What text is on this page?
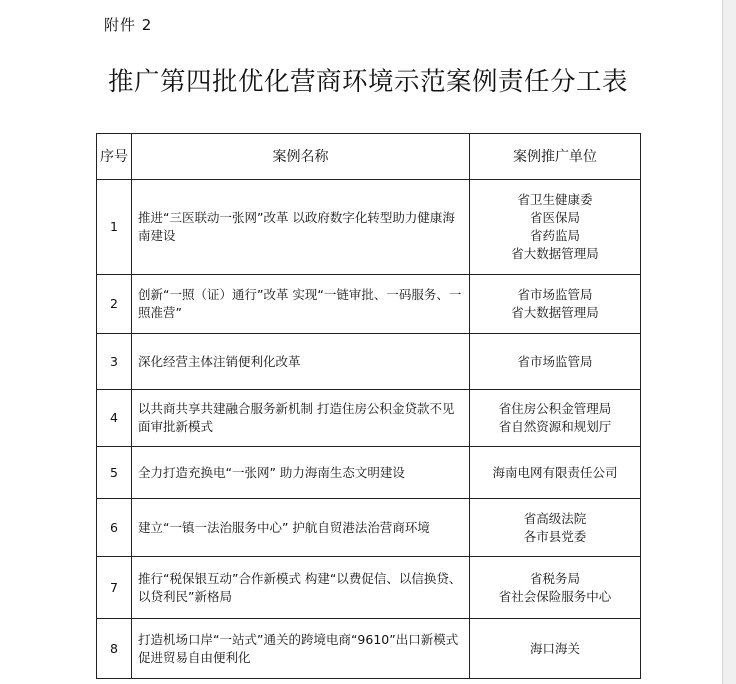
附件 2
推广第四批优化营商环境示范案例责任分工表
序号	案例名称	案例推广单位
1	推进“三医联动一张网”改革 以政府数字化转型助力健康海南建设	省卫生健康委
省医保局
省药监局
省大数据管理局

2	创新“一照（证）通行”改革 实现“一链审批、一码服务、一照准营”	省市场监管局
省大数据管理局

3	深化经营主体注销便利化改革	省市场监管局

4	以共商共享共建融合服务新机制 打造住房公积金贷款不见面审批新模式	省住房公积金管理局
省自然资源和规划厅

5	全力打造充换电“一张网” 助力海南生态文明建设	海南电网有限责任公司

6	建立“一镇一法治服务中心” 护航自贸港法治营商环境	省高级法院
各市县党委

7	推行“税保银互动”合作新模式 构建“以费促信、以信换贷、以贷利民”新格局	省税务局
省社会保险服务中心

8	打造机场口岸“一站式”通关的跨境电商“9610”出口新模式 促进贸易自由便利化	海口海关
